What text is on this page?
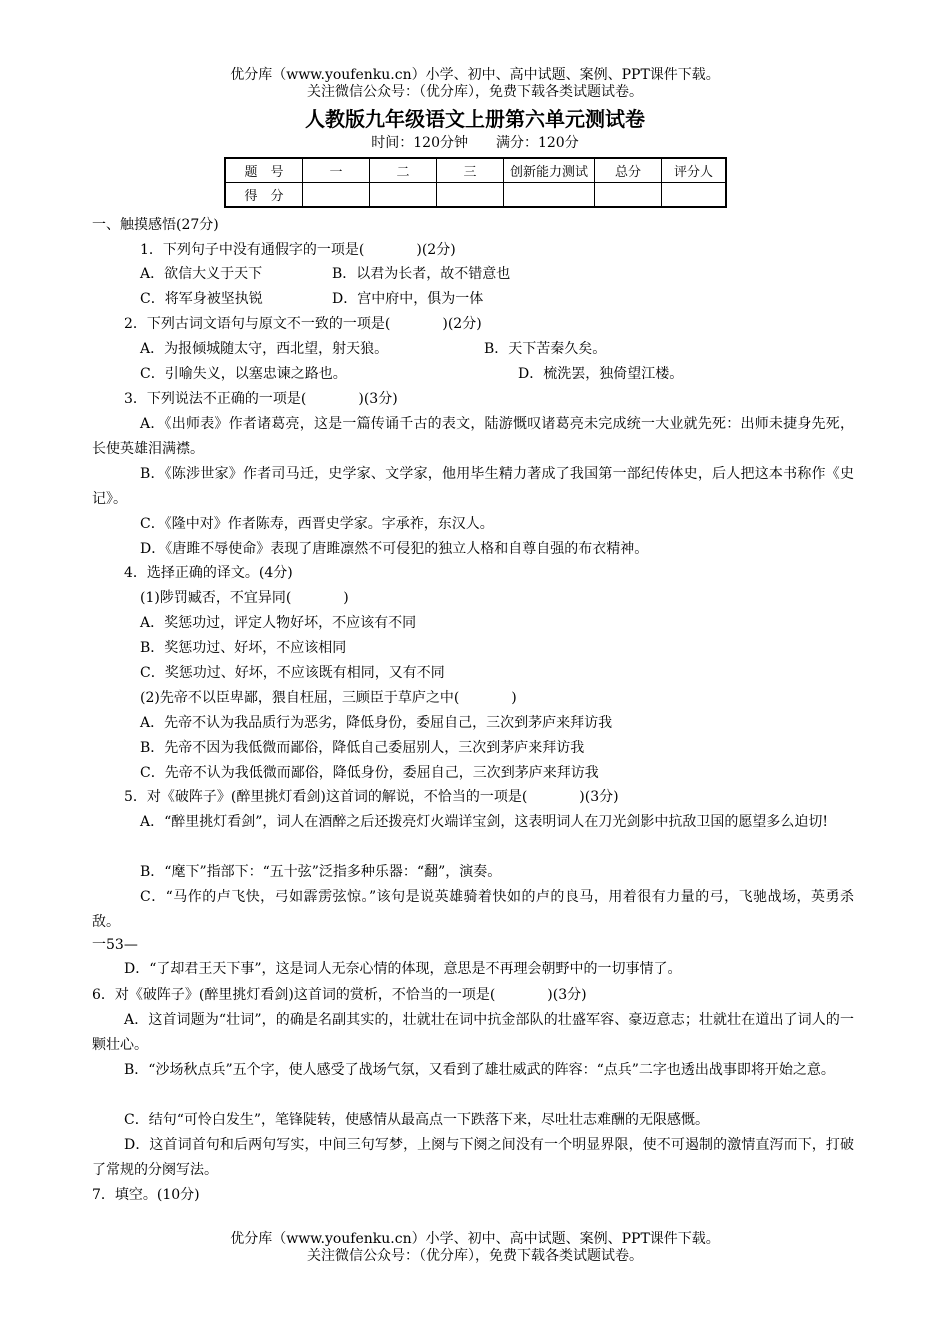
优分库（www.youfenku.cn）小学、初中、高中试题、案例、PPT课件下载。
关注微信公众号：（优分库），免费下载各类试题试卷。
人教版九年级语文上册第六单元测试卷
时间：120分钟　　满分：120分
题　号	一	二	三	创新能力测试	总分	评分人
得　分						
一、触摸感悟(27分)
1．下列句子中没有通假字的一项是(	)(2分)
A．欲信大义于天下	B．以君为长者，故不错意也
C．将军身被坚执锐	D．宫中府中，俱为一体
2．下列古词文语句与原文不一致的一项是(	)(2分)
A．为报倾城随太守，西北望，射天狼。	B．天下苦秦久矣。
C．引喻失义，以塞忠谏之路也。	D．梳洗罢，独倚望江楼。
3．下列说法不正确的一项是(	)(3分)
A．《出师表》作者诸葛亮，这是一篇传诵千古的表文，陆游慨叹诸葛亮未完成统一大业就先死：出师未捷身先死，长使英雄泪满襟。
B．《陈涉世家》作者司马迁，史学家、文学家，他用毕生精力著成了我国第一部纪传体史，后人把这本书称作《史记》。
C．《隆中对》作者陈寿，西晋史学家。字承祚，东汉人。
D．《唐雎不辱使命》表现了唐雎凛然不可侵犯的独立人格和自尊自强的布衣精神。
4．选择正确的译文。(4分)
(1)陟罚臧否，不宜异同(	)
A．奖惩功过，评定人物好坏，不应该有不同
B．奖惩功过、好坏，不应该相同
C．奖惩功过、好坏，不应该既有相同，又有不同
(2)先帝不以臣卑鄙，猥自枉屈，三顾臣于草庐之中(	)
A．先帝不认为我品质行为恶劣，降低身份，委屈自己，三次到茅庐来拜访我
B．先帝不因为我低微而鄙俗，降低自己委屈别人，三次到茅庐来拜访我
C．先帝不认为我低微而鄙俗，降低身份，委屈自己，三次到茅庐来拜访我
5．对《破阵子》(醉里挑灯看剑)这首词的解说，不恰当的一项是(	)(3分)
A．“醉里挑灯看剑”，词人在酒醉之后还拨亮灯火端详宝剑，这表明词人在刀光剑影中抗敌卫国的愿望多么迫切!
B．“麾下”指部下：“五十弦”泛指多种乐器：“翻”，演奏。
C．“马作的卢飞快，弓如霹雳弦惊。”该句是说英雄骑着快如的卢的良马，用着很有力量的弓，飞驰战场，英勇杀敌。
一53—
D．“了却君王天下事”，这是词人无奈心情的体现，意思是不再理会朝野中的一切事情了。
6．对《破阵子》(醉里挑灯看剑)这首词的赏析，不恰当的一项是(	)(3分)
A．这首词题为“壮词”，的确是名副其实的，壮就壮在词中抗金部队的壮盛军容、豪迈意志；壮就壮在道出了词人的一颗壮心。
B．“沙场秋点兵”五个字，使人感受了战场气氛，又看到了雄壮威武的阵容：“点兵”二字也透出战事即将开始之意。
C．结句“可怜白发生”，笔锋陡转，使感情从最高点一下跌落下来，尽吐壮志难酬的无限感慨。
D．这首词首句和后两句写实，中间三句写梦，上阕与下阕之间没有一个明显界限，使不可遏制的激情直泻而下，打破了常规的分阕写法。
7．填空。(10分)
优分库（www.youfenku.cn）小学、初中、高中试题、案例、PPT课件下载。
关注微信公众号：（优分库），免费下载各类试题试卷。
